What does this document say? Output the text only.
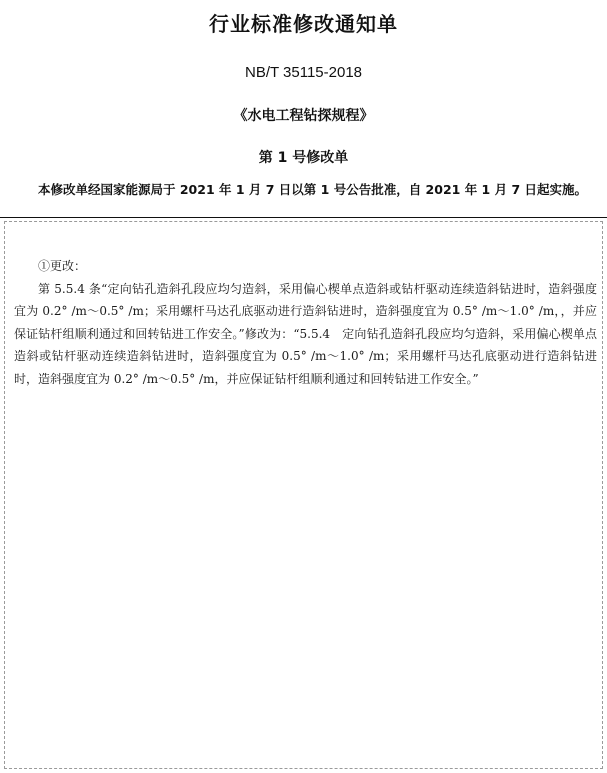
行业标准修改通知单
NB/T 35115-2018
《水电工程钻探规程》
第 1 号修改单
本修改单经国家能源局于 2021 年 1 月 7 日以第 1 号公告批准，自 2021 年 1 月 7 日起实施。

①更改：

第 5.5.4 条“定向钻孔造斜孔段应均匀造斜，采用偏心楔单点造斜或钻杆驱动连续造斜钻进时，造斜强度宜为 0.2° /m～0.5° /m；采用螺杆马达孔底驱动进行造斜钻进时，造斜强度宜为 0.5° /m～1.0° /m，，并应保证钻杆组顺利通过和回转钻进工作安全。”修改为：“5.5.4　定向钻孔造斜孔段应均匀造斜，采用偏心楔单点造斜或钻杆驱动连续造斜钻进时，造斜强度宜为 0.5° /m～1.0° /m；采用螺杆马达孔底驱动进行造斜钻进时，造斜强度宜为 0.2° /m～0.5° /m，并应保证钻杆组顺利通过和回转钻进工作安全。”
